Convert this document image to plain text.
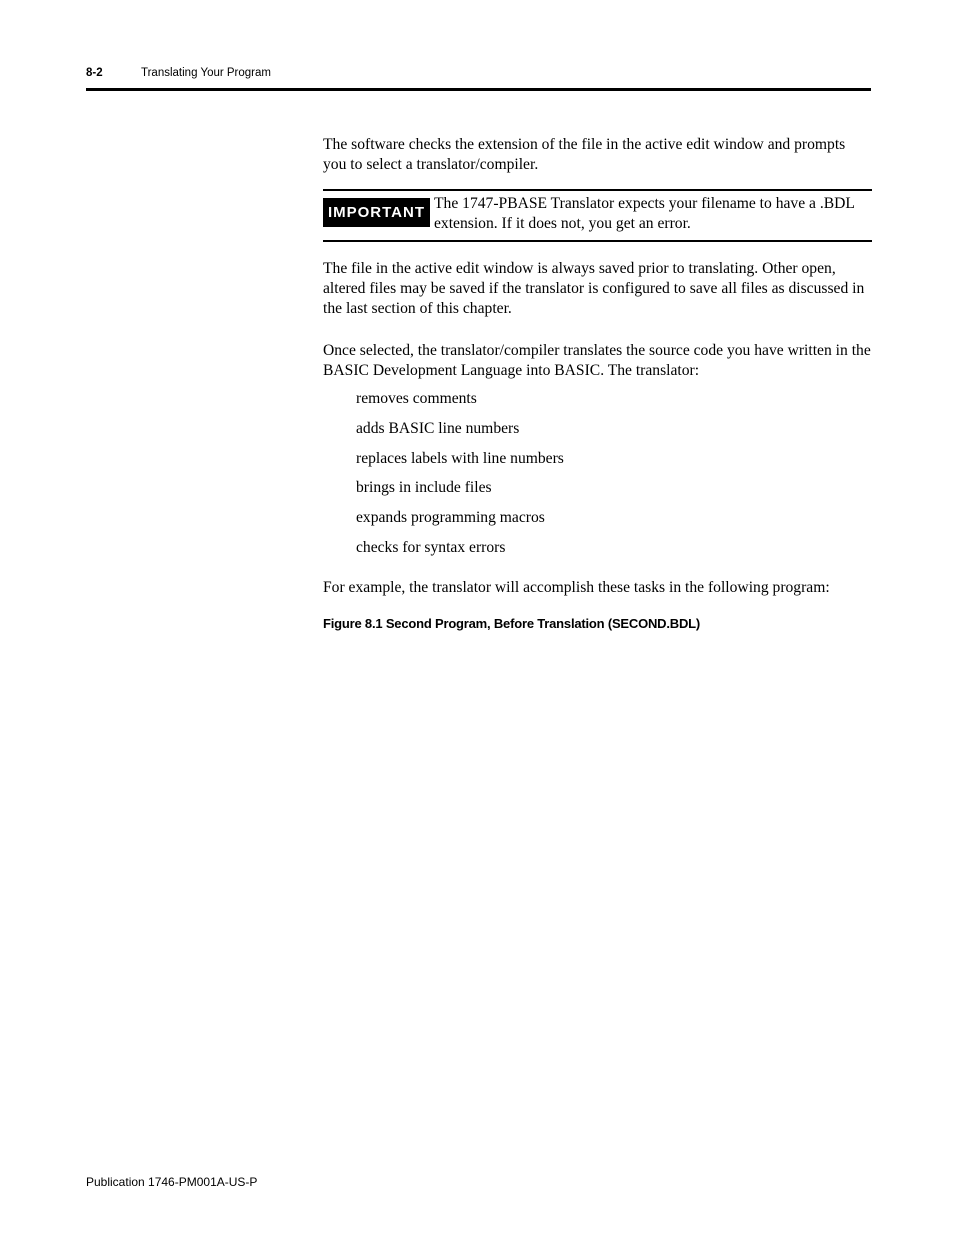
8-2	Translating Your Program

The software checks the extension of the file in the active edit window and prompts you to select a translator/compiler.

IMPORTANT
The 1747-PBASE Translator expects your filename to have a .BDL extension. If it does not, you get an error.

The file in the active edit window is always saved prior to translating. Other open, altered files may be saved if the translator is configured to save all files as discussed in the last section of this chapter.

Once selected, the translator/compiler translates the source code you have written in the BASIC Development Language into BASIC. The translator:

removes comments
adds BASIC line numbers
replaces labels with line numbers
brings in include files
expands programming macros
checks for syntax errors

For example, the translator will accomplish these tasks in the following program:

Figure 8.1 Second Program, Before Translation (SECOND.BDL)
Publication 1746-PM001A-US-P
